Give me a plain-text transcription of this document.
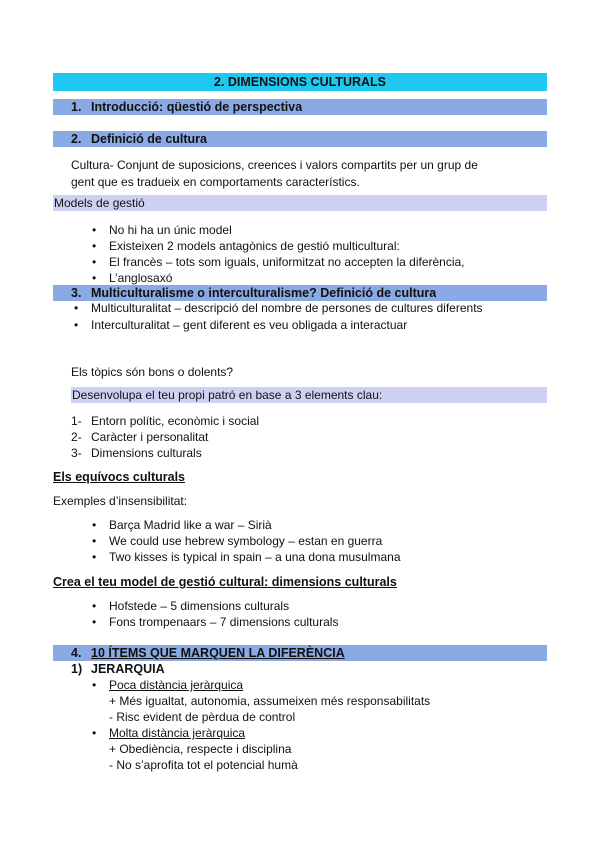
2. DIMENSIONS CULTURALS
1. Introducció: qüestió de perspectiva
2. Definició de cultura
Cultura- Conjunt de suposicions, creences i valors compartits per un grup de
gent que es tradueix en comportaments característics.
Models de gestió
• No hi ha un únic model
• Existeixen 2 models antagònics de gestió multicultural:
• El francès – tots som iguals, uniformitzat no accepten la diferència,
• L’anglosaxó
3. Multiculturalisme o interculturalisme? Definició de cultura
• Multiculturalitat – descripció del nombre de persones de cultures diferents
• Interculturalitat – gent diferent es veu obligada a interactuar
Els tòpics són bons o dolents?
Desenvolupa el teu propi patró en base a 3 elements clau:
1- Entorn polític, econòmic i social
2- Caràcter i personalitat
3- Dimensions culturals
Els equívocs culturals
Exemples d’insensibilitat:
• Barça Madrid like a war – Sirià
• We could use hebrew symbology – estan en guerra
• Two kisses is typical in spain – a una dona musulmana
Crea el teu model de gestió cultural: dimensions culturals
• Hofstede – 5 dimensions culturals
• Fons trompenaars – 7 dimensions culturals
4. 10 ÍTEMS QUE MARQUEN LA DIFERÈNCIA
1) JERARQUIA
• Poca distància jeràrquica
+ Més igualtat, autonomia, assumeixen més responsabilitats
- Risc evident de pèrdua de control
• Molta distància jeràrquica
+ Obediència, respecte i disciplina
- No s’aprofita tot el potencial humà
